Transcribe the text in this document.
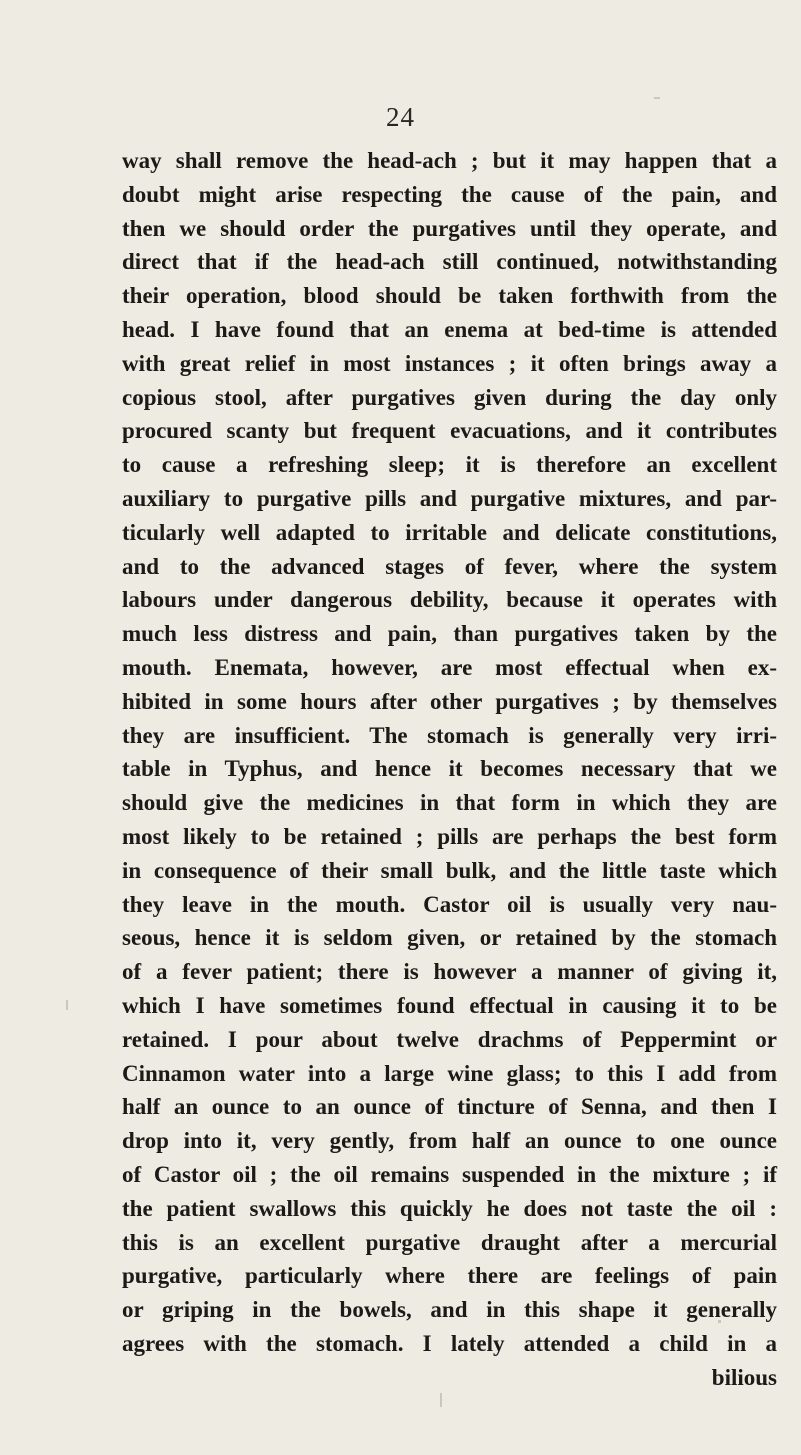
24
way shall remove the head-ach ; but it may happen that a
doubt might arise respecting the cause of the pain, and
then we should order the purgatives until they operate, and
direct that if the head-ach still continued, notwithstanding
their operation, blood should be taken forthwith from the
head. I have found that an enema at bed-time is attended
with great relief in most instances ; it often brings away a
copious stool, after purgatives given during the day only
procured scanty but frequent evacuations, and it contributes
to cause a refreshing sleep; it is therefore an excellent
auxiliary to purgative pills and purgative mixtures, and par-
ticularly well adapted to irritable and delicate constitutions,
and to the advanced stages of fever, where the system
labours under dangerous debility, because it operates with
much less distress and pain, than purgatives taken by the
mouth. Enemata, however, are most effectual when ex-
hibited in some hours after other purgatives ; by themselves
they are insufficient. The stomach is generally very irri-
table in Typhus, and hence it becomes necessary that we
should give the medicines in that form in which they are
most likely to be retained ; pills are perhaps the best form
in consequence of their small bulk, and the little taste which
they leave in the mouth. Castor oil is usually very nau-
seous, hence it is seldom given, or retained by the stomach
of a fever patient; there is however a manner of giving it,
which I have sometimes found effectual in causing it to be
retained. I pour about twelve drachms of Peppermint or
Cinnamon water into a large wine glass; to this I add from
half an ounce to an ounce of tincture of Senna, and then I
drop into it, very gently, from half an ounce to one ounce
of Castor oil ; the oil remains suspended in the mixture ; if
the patient swallows this quickly he does not taste the oil :
this is an excellent purgative draught after a mercurial
purgative, particularly where there are feelings of pain
or griping in the bowels, and in this shape it generally
agrees with the stomach. I lately attended a child in a
bilious
